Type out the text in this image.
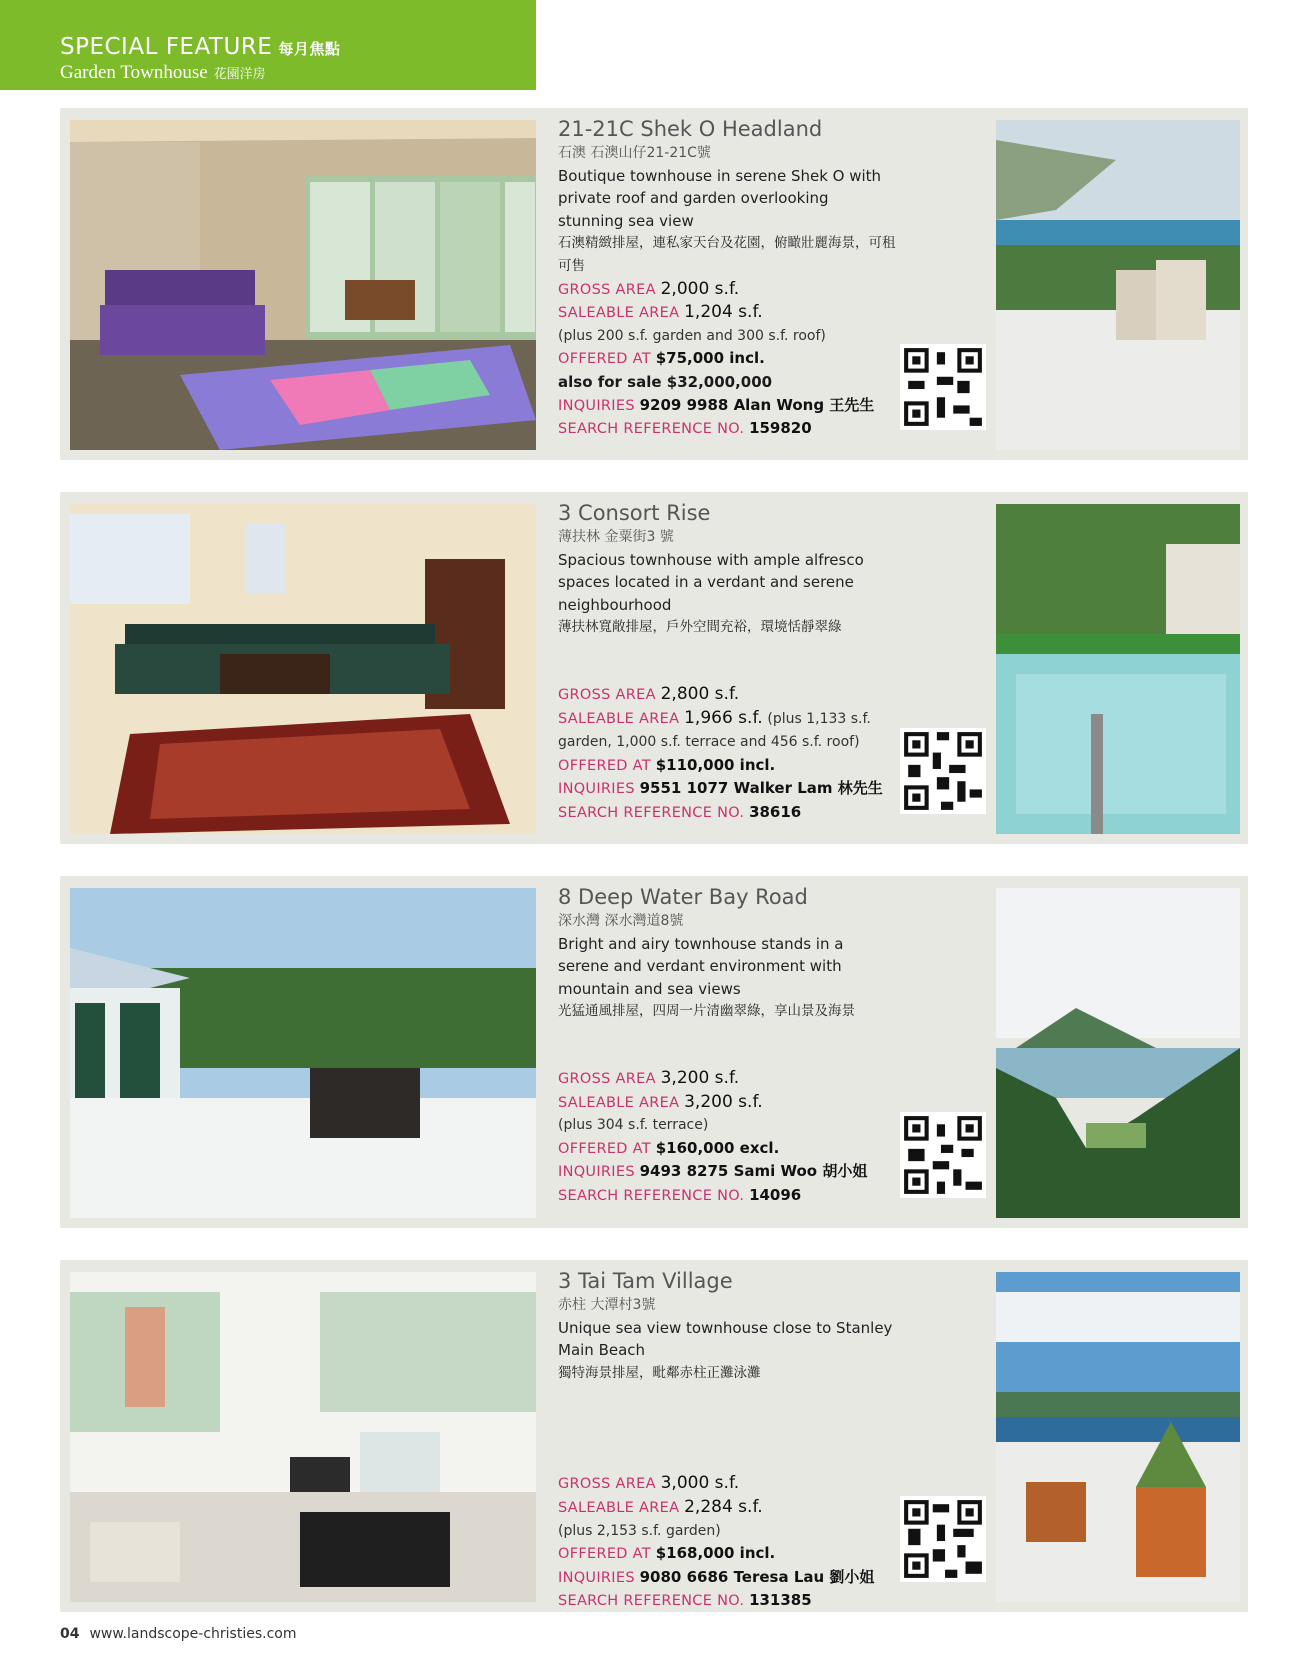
SPECIAL FEATURE 每月焦點
Garden Townhouse 花園洋房
21-21C Shek O Headland
石澳 石澳山仔21-21C號
Boutique townhouse in serene Shek O with private roof and garden overlooking stunning sea view
石澳精緻排屋，連私家天台及花園，俯瞰壯麗海景，可租可售
GROSS AREA 2,000 s.f.
SALEABLE AREA 1,204 s.f.
(plus 200 s.f. garden and 300 s.f. roof)
OFFERED AT $75,000 incl.
also for sale $32,000,000
INQUIRIES 9209 9988 Alan Wong 王先生
SEARCH REFERENCE NO. 159820
3 Consort Rise
薄扶林 金粟街3 號
Spacious townhouse with ample alfresco spaces located in a verdant and serene neighbourhood
薄扶林寬敞排屋，戶外空間充裕，環境恬靜翠綠
GROSS AREA 2,800 s.f.
SALEABLE AREA 1,966 s.f. (plus 1,133 s.f. garden, 1,000 s.f. terrace and 456 s.f. roof)
OFFERED AT $110,000 incl.
INQUIRIES 9551 1077 Walker Lam 林先生
SEARCH REFERENCE NO. 38616
8 Deep Water Bay Road
深水灣 深水灣道8號
Bright and airy townhouse stands in a serene and verdant environment with mountain and sea views
光猛通風排屋，四周一片清幽翠綠，享山景及海景
GROSS AREA 3,200 s.f.
SALEABLE AREA 3,200 s.f.
(plus 304 s.f. terrace)
OFFERED AT $160,000 excl.
INQUIRIES 9493 8275 Sami Woo 胡小姐
SEARCH REFERENCE NO. 14096
3 Tai Tam Village
赤柱 大潭村3號
Unique sea view townhouse close to Stanley Main Beach
獨特海景排屋，毗鄰赤柱正灘泳灘
GROSS AREA 3,000 s.f.
SALEABLE AREA 2,284 s.f.
(plus 2,153 s.f. garden)
OFFERED AT $168,000 incl.
INQUIRIES 9080 6686 Teresa Lau 劉小姐
SEARCH REFERENCE NO. 131385
04 www.landscope-christies.com
